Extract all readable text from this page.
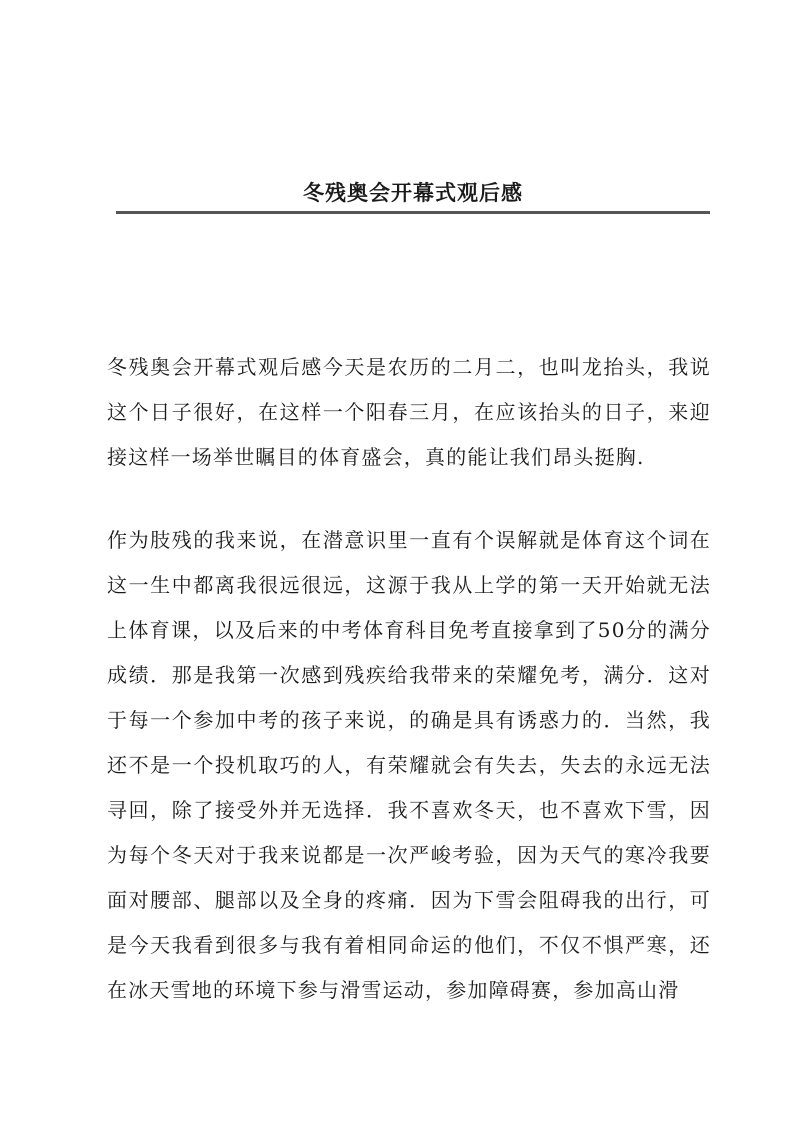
冬残奥会开幕式观后感

冬残奥会开幕式观后感今天是农历的二月二，也叫龙抬头，我说这个日子很好，在这样一个阳春三月，在应该抬头的日子，来迎接这样一场举世瞩目的体育盛会，真的能让我们昂头挺胸.

作为肢残的我来说，在潜意识里一直有个误解就是体育这个词在这一生中都离我很远很远，这源于我从上学的第一天开始就无法上体育课，以及后来的中考体育科目免考直接拿到了50分的满分成绩．那是我第一次感到残疾给我带来的荣耀免考，满分．这对于每一个参加中考的孩子来说，的确是具有诱惑力的．当然，我还不是一个投机取巧的人，有荣耀就会有失去，失去的永远无法寻回，除了接受外并无选择．我不喜欢冬天，也不喜欢下雪，因为每个冬天对于我来说都是一次严峻考验，因为天气的寒冷我要面对腰部、腿部以及全身的疼痛．因为下雪会阻碍我的出行，可是今天我看到很多与我有着相同命运的他们，不仅不惧严寒，还在冰天雪地的环境下参与滑雪运动，参加障碍赛，参加高山滑
